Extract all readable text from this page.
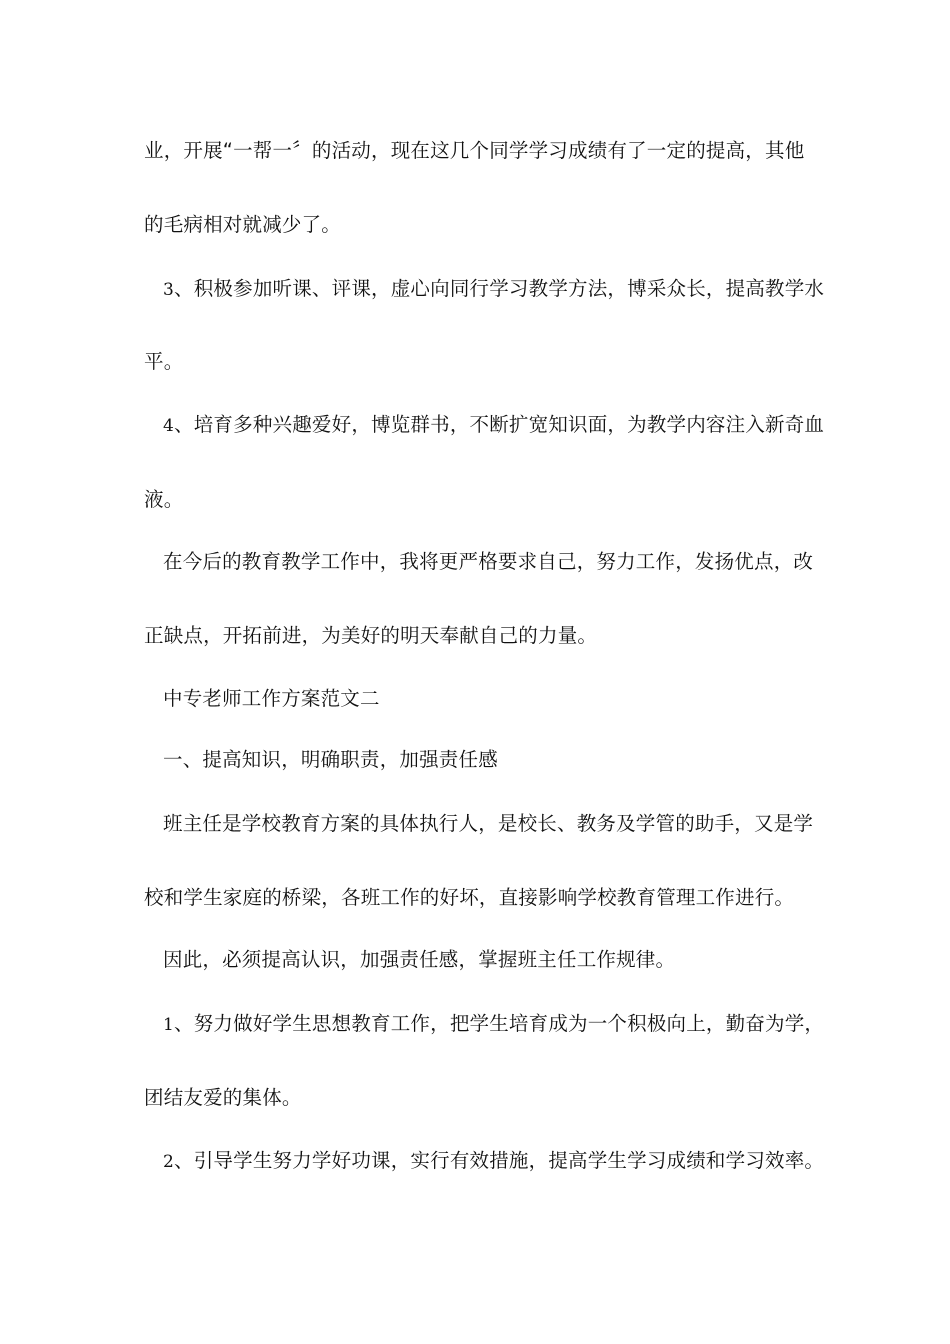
业，开展“一帮一〞的活动，现在这几个同学学习成绩有了一定的提高，其他
的毛病相对就减少了。
3、积极参加听课、评课，虚心向同行学习教学方法，博采众长，提高教学水
平。
4、培育多种兴趣爱好，博览群书，不断扩宽知识面，为教学内容注入新奇血
液。
在今后的教育教学工作中，我将更严格要求自己，努力工作，发扬优点，改
正缺点，开拓前进，为美好的明天奉献自己的力量。
中专老师工作方案范文二
一、提高知识，明确职责，加强责任感
班主任是学校教育方案的具体执行人，是校长、教务及学管的助手，又是学
校和学生家庭的桥梁，各班工作的好坏，直接影响学校教育管理工作进行。
因此，必须提高认识，加强责任感，掌握班主任工作规律。
1、努力做好学生思想教育工作，把学生培育成为一个积极向上，勤奋为学，
团结友爱的集体。
2、引导学生努力学好功课，实行有效措施，提高学生学习成绩和学习效率。
